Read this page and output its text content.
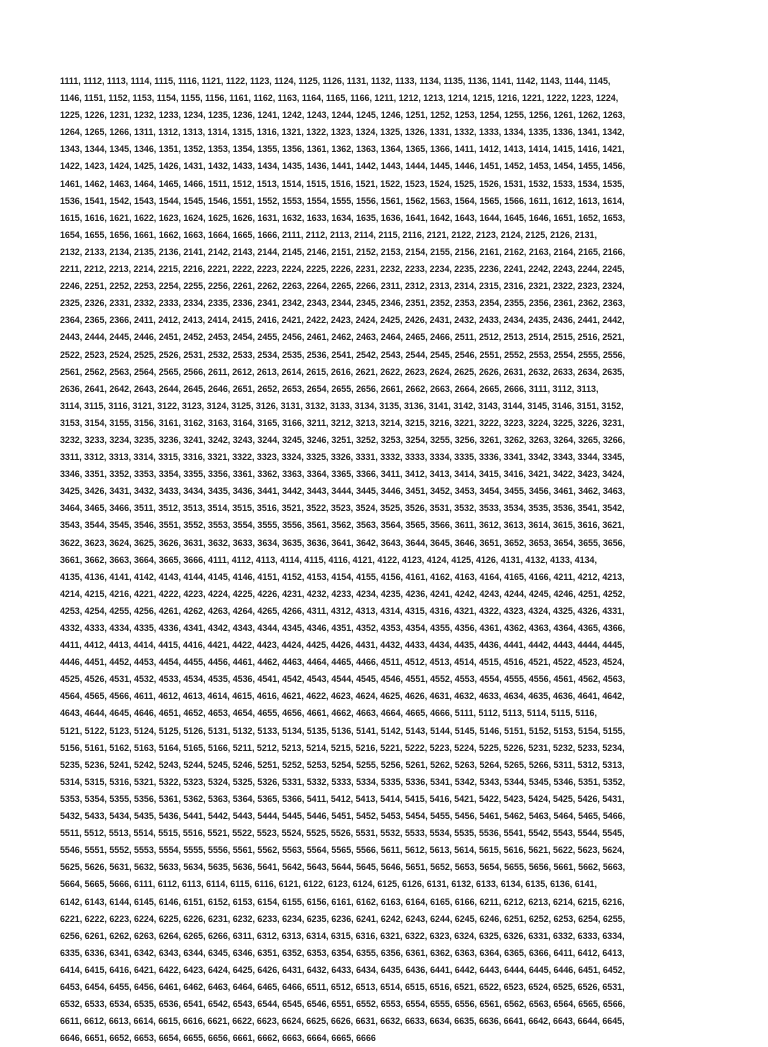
1111, 1112, 1113, 1114, 1115, 1116, 1121, 1122, 1123, 1124, 1125, 1126, 1131, 1132, 1133, 1134, 1135, 1136, 1141, 1142, 1143, 1144, 1145,
1146, 1151, 1152, 1153, 1154, 1155, 1156, 1161, 1162, 1163, 1164, 1165, 1166, 1211, 1212, 1213, 1214, 1215, 1216, 1221, 1222, 1223, 1224,
1225, 1226, 1231, 1232, 1233, 1234, 1235, 1236, 1241, 1242, 1243, 1244, 1245, 1246, 1251, 1252, 1253, 1254, 1255, 1256, 1261, 1262, 1263,
1264, 1265, 1266, 1311, 1312, 1313, 1314, 1315, 1316, 1321, 1322, 1323, 1324, 1325, 1326, 1331, 1332, 1333, 1334, 1335, 1336, 1341, 1342,
1343, 1344, 1345, 1346, 1351, 1352, 1353, 1354, 1355, 1356, 1361, 1362, 1363, 1364, 1365, 1366, 1411, 1412, 1413, 1414, 1415, 1416, 1421,
1422, 1423, 1424, 1425, 1426, 1431, 1432, 1433, 1434, 1435, 1436, 1441, 1442, 1443, 1444, 1445, 1446, 1451, 1452, 1453, 1454, 1455, 1456,
1461, 1462, 1463, 1464, 1465, 1466, 1511, 1512, 1513, 1514, 1515, 1516, 1521, 1522, 1523, 1524, 1525, 1526, 1531, 1532, 1533, 1534, 1535,
1536, 1541, 1542, 1543, 1544, 1545, 1546, 1551, 1552, 1553, 1554, 1555, 1556, 1561, 1562, 1563, 1564, 1565, 1566, 1611, 1612, 1613, 1614,
1615, 1616, 1621, 1622, 1623, 1624, 1625, 1626, 1631, 1632, 1633, 1634, 1635, 1636, 1641, 1642, 1643, 1644, 1645, 1646, 1651, 1652, 1653,
1654, 1655, 1656, 1661, 1662, 1663, 1664, 1665, 1666, 2111, 2112, 2113, 2114, 2115, 2116, 2121, 2122, 2123, 2124, 2125, 2126, 2131,
2132, 2133, 2134, 2135, 2136, 2141, 2142, 2143, 2144, 2145, 2146, 2151, 2152, 2153, 2154, 2155, 2156, 2161, 2162, 2163, 2164, 2165, 2166,
2211, 2212, 2213, 2214, 2215, 2216, 2221, 2222, 2223, 2224, 2225, 2226, 2231, 2232, 2233, 2234, 2235, 2236, 2241, 2242, 2243, 2244, 2245,
2246, 2251, 2252, 2253, 2254, 2255, 2256, 2261, 2262, 2263, 2264, 2265, 2266, 2311, 2312, 2313, 2314, 2315, 2316, 2321, 2322, 2323, 2324,
2325, 2326, 2331, 2332, 2333, 2334, 2335, 2336, 2341, 2342, 2343, 2344, 2345, 2346, 2351, 2352, 2353, 2354, 2355, 2356, 2361, 2362, 2363,
2364, 2365, 2366, 2411, 2412, 2413, 2414, 2415, 2416, 2421, 2422, 2423, 2424, 2425, 2426, 2431, 2432, 2433, 2434, 2435, 2436, 2441, 2442,
2443, 2444, 2445, 2446, 2451, 2452, 2453, 2454, 2455, 2456, 2461, 2462, 2463, 2464, 2465, 2466, 2511, 2512, 2513, 2514, 2515, 2516, 2521,
2522, 2523, 2524, 2525, 2526, 2531, 2532, 2533, 2534, 2535, 2536, 2541, 2542, 2543, 2544, 2545, 2546, 2551, 2552, 2553, 2554, 2555, 2556,
2561, 2562, 2563, 2564, 2565, 2566, 2611, 2612, 2613, 2614, 2615, 2616, 2621, 2622, 2623, 2624, 2625, 2626, 2631, 2632, 2633, 2634, 2635,
2636, 2641, 2642, 2643, 2644, 2645, 2646, 2651, 2652, 2653, 2654, 2655, 2656, 2661, 2662, 2663, 2664, 2665, 2666, 3111, 3112, 3113,
3114, 3115, 3116, 3121, 3122, 3123, 3124, 3125, 3126, 3131, 3132, 3133, 3134, 3135, 3136, 3141, 3142, 3143, 3144, 3145, 3146, 3151, 3152,
3153, 3154, 3155, 3156, 3161, 3162, 3163, 3164, 3165, 3166, 3211, 3212, 3213, 3214, 3215, 3216, 3221, 3222, 3223, 3224, 3225, 3226, 3231,
3232, 3233, 3234, 3235, 3236, 3241, 3242, 3243, 3244, 3245, 3246, 3251, 3252, 3253, 3254, 3255, 3256, 3261, 3262, 3263, 3264, 3265, 3266,
3311, 3312, 3313, 3314, 3315, 3316, 3321, 3322, 3323, 3324, 3325, 3326, 3331, 3332, 3333, 3334, 3335, 3336, 3341, 3342, 3343, 3344, 3345,
3346, 3351, 3352, 3353, 3354, 3355, 3356, 3361, 3362, 3363, 3364, 3365, 3366, 3411, 3412, 3413, 3414, 3415, 3416, 3421, 3422, 3423, 3424,
3425, 3426, 3431, 3432, 3433, 3434, 3435, 3436, 3441, 3442, 3443, 3444, 3445, 3446, 3451, 3452, 3453, 3454, 3455, 3456, 3461, 3462, 3463,
3464, 3465, 3466, 3511, 3512, 3513, 3514, 3515, 3516, 3521, 3522, 3523, 3524, 3525, 3526, 3531, 3532, 3533, 3534, 3535, 3536, 3541, 3542,
3543, 3544, 3545, 3546, 3551, 3552, 3553, 3554, 3555, 3556, 3561, 3562, 3563, 3564, 3565, 3566, 3611, 3612, 3613, 3614, 3615, 3616, 3621,
3622, 3623, 3624, 3625, 3626, 3631, 3632, 3633, 3634, 3635, 3636, 3641, 3642, 3643, 3644, 3645, 3646, 3651, 3652, 3653, 3654, 3655, 3656,
3661, 3662, 3663, 3664, 3665, 3666, 4111, 4112, 4113, 4114, 4115, 4116, 4121, 4122, 4123, 4124, 4125, 4126, 4131, 4132, 4133, 4134,
4135, 4136, 4141, 4142, 4143, 4144, 4145, 4146, 4151, 4152, 4153, 4154, 4155, 4156, 4161, 4162, 4163, 4164, 4165, 4166, 4211, 4212, 4213,
4214, 4215, 4216, 4221, 4222, 4223, 4224, 4225, 4226, 4231, 4232, 4233, 4234, 4235, 4236, 4241, 4242, 4243, 4244, 4245, 4246, 4251, 4252,
4253, 4254, 4255, 4256, 4261, 4262, 4263, 4264, 4265, 4266, 4311, 4312, 4313, 4314, 4315, 4316, 4321, 4322, 4323, 4324, 4325, 4326, 4331,
4332, 4333, 4334, 4335, 4336, 4341, 4342, 4343, 4344, 4345, 4346, 4351, 4352, 4353, 4354, 4355, 4356, 4361, 4362, 4363, 4364, 4365, 4366,
4411, 4412, 4413, 4414, 4415, 4416, 4421, 4422, 4423, 4424, 4425, 4426, 4431, 4432, 4433, 4434, 4435, 4436, 4441, 4442, 4443, 4444, 4445,
4446, 4451, 4452, 4453, 4454, 4455, 4456, 4461, 4462, 4463, 4464, 4465, 4466, 4511, 4512, 4513, 4514, 4515, 4516, 4521, 4522, 4523, 4524,
4525, 4526, 4531, 4532, 4533, 4534, 4535, 4536, 4541, 4542, 4543, 4544, 4545, 4546, 4551, 4552, 4553, 4554, 4555, 4556, 4561, 4562, 4563,
4564, 4565, 4566, 4611, 4612, 4613, 4614, 4615, 4616, 4621, 4622, 4623, 4624, 4625, 4626, 4631, 4632, 4633, 4634, 4635, 4636, 4641, 4642,
4643, 4644, 4645, 4646, 4651, 4652, 4653, 4654, 4655, 4656, 4661, 4662, 4663, 4664, 4665, 4666, 5111, 5112, 5113, 5114, 5115, 5116,
5121, 5122, 5123, 5124, 5125, 5126, 5131, 5132, 5133, 5134, 5135, 5136, 5141, 5142, 5143, 5144, 5145, 5146, 5151, 5152, 5153, 5154, 5155,
5156, 5161, 5162, 5163, 5164, 5165, 5166, 5211, 5212, 5213, 5214, 5215, 5216, 5221, 5222, 5223, 5224, 5225, 5226, 5231, 5232, 5233, 5234,
5235, 5236, 5241, 5242, 5243, 5244, 5245, 5246, 5251, 5252, 5253, 5254, 5255, 5256, 5261, 5262, 5263, 5264, 5265, 5266, 5311, 5312, 5313,
5314, 5315, 5316, 5321, 5322, 5323, 5324, 5325, 5326, 5331, 5332, 5333, 5334, 5335, 5336, 5341, 5342, 5343, 5344, 5345, 5346, 5351, 5352,
5353, 5354, 5355, 5356, 5361, 5362, 5363, 5364, 5365, 5366, 5411, 5412, 5413, 5414, 5415, 5416, 5421, 5422, 5423, 5424, 5425, 5426, 5431,
5432, 5433, 5434, 5435, 5436, 5441, 5442, 5443, 5444, 5445, 5446, 5451, 5452, 5453, 5454, 5455, 5456, 5461, 5462, 5463, 5464, 5465, 5466,
5511, 5512, 5513, 5514, 5515, 5516, 5521, 5522, 5523, 5524, 5525, 5526, 5531, 5532, 5533, 5534, 5535, 5536, 5541, 5542, 5543, 5544, 5545,
5546, 5551, 5552, 5553, 5554, 5555, 5556, 5561, 5562, 5563, 5564, 5565, 5566, 5611, 5612, 5613, 5614, 5615, 5616, 5621, 5622, 5623, 5624,
5625, 5626, 5631, 5632, 5633, 5634, 5635, 5636, 5641, 5642, 5643, 5644, 5645, 5646, 5651, 5652, 5653, 5654, 5655, 5656, 5661, 5662, 5663,
5664, 5665, 5666, 6111, 6112, 6113, 6114, 6115, 6116, 6121, 6122, 6123, 6124, 6125, 6126, 6131, 6132, 6133, 6134, 6135, 6136, 6141,
6142, 6143, 6144, 6145, 6146, 6151, 6152, 6153, 6154, 6155, 6156, 6161, 6162, 6163, 6164, 6165, 6166, 6211, 6212, 6213, 6214, 6215, 6216,
6221, 6222, 6223, 6224, 6225, 6226, 6231, 6232, 6233, 6234, 6235, 6236, 6241, 6242, 6243, 6244, 6245, 6246, 6251, 6252, 6253, 6254, 6255,
6256, 6261, 6262, 6263, 6264, 6265, 6266, 6311, 6312, 6313, 6314, 6315, 6316, 6321, 6322, 6323, 6324, 6325, 6326, 6331, 6332, 6333, 6334,
6335, 6336, 6341, 6342, 6343, 6344, 6345, 6346, 6351, 6352, 6353, 6354, 6355, 6356, 6361, 6362, 6363, 6364, 6365, 6366, 6411, 6412, 6413,
6414, 6415, 6416, 6421, 6422, 6423, 6424, 6425, 6426, 6431, 6432, 6433, 6434, 6435, 6436, 6441, 6442, 6443, 6444, 6445, 6446, 6451, 6452,
6453, 6454, 6455, 6456, 6461, 6462, 6463, 6464, 6465, 6466, 6511, 6512, 6513, 6514, 6515, 6516, 6521, 6522, 6523, 6524, 6525, 6526, 6531,
6532, 6533, 6534, 6535, 6536, 6541, 6542, 6543, 6544, 6545, 6546, 6551, 6552, 6553, 6554, 6555, 6556, 6561, 6562, 6563, 6564, 6565, 6566,
6611, 6612, 6613, 6614, 6615, 6616, 6621, 6622, 6623, 6624, 6625, 6626, 6631, 6632, 6633, 6634, 6635, 6636, 6641, 6642, 6643, 6644, 6645,
6646, 6651, 6652, 6653, 6654, 6655, 6656, 6661, 6662, 6663, 6664, 6665, 6666
